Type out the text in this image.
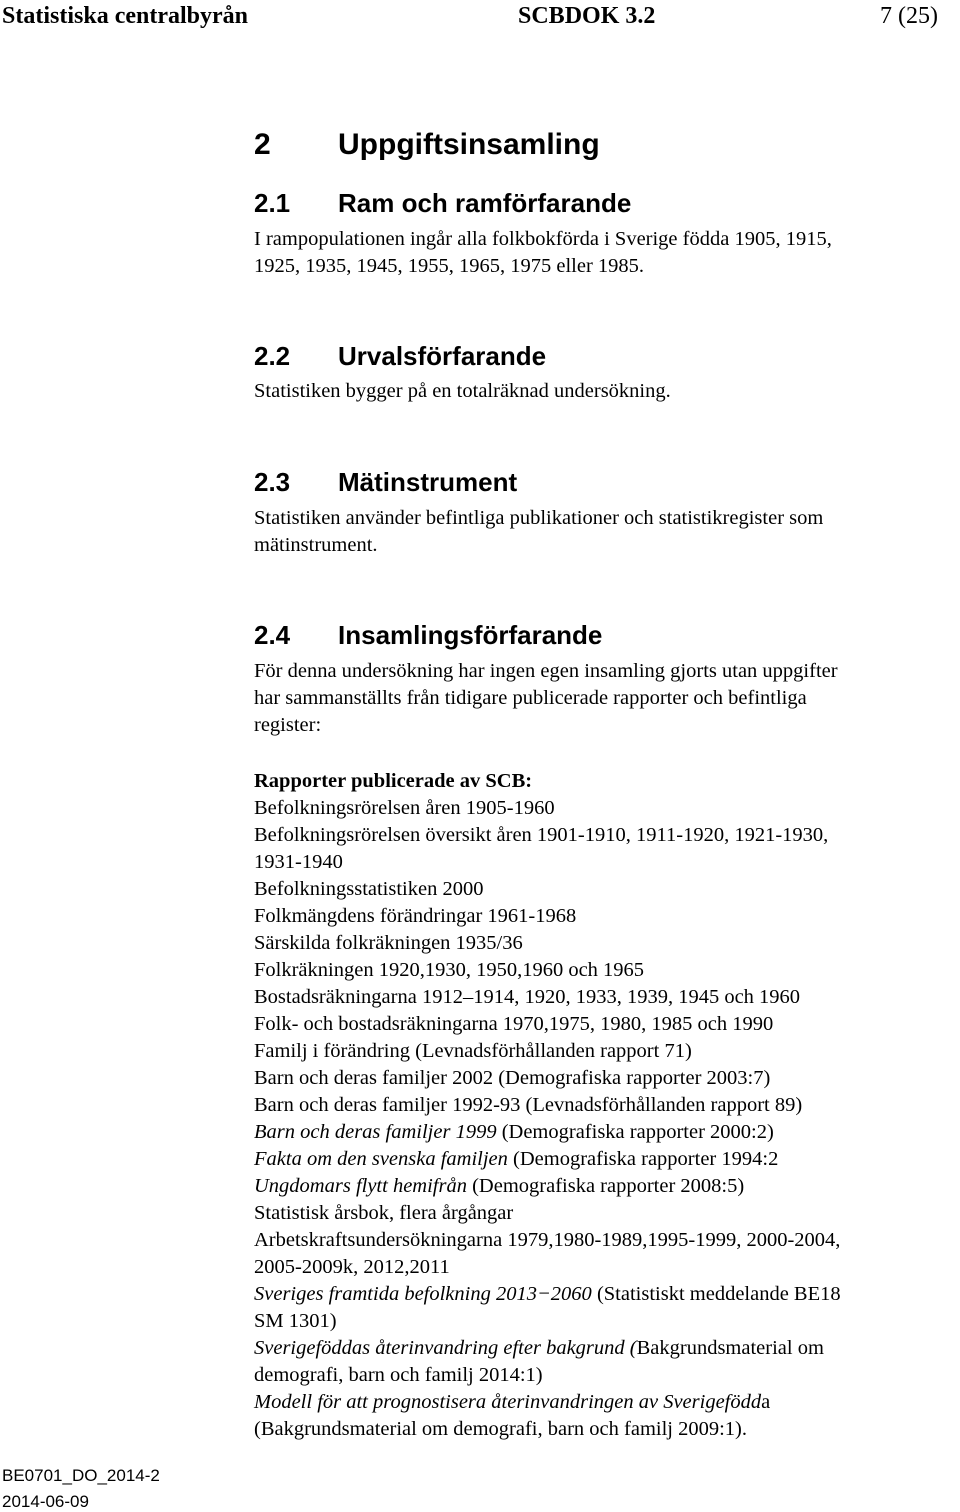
Statistiska centralbyrån	SCBDOK 3.2	7 (25)
2 Uppgiftsinsamling
2.1 Ram och ramförfarande
I rampopulationen ingår alla folkbokförda i Sverige födda 1905, 1915,
1925, 1935, 1945, 1955, 1965, 1975 eller 1985.
2.2 Urvalsförfarande
Statistiken bygger på en totalräknad undersökning.
2.3 Mätinstrument
Statistiken använder befintliga publikationer och statistikregister som
mätinstrument.
2.4 Insamlingsförfarande
För denna undersökning har ingen egen insamling gjorts utan uppgifter
har sammanställts från tidigare publicerade rapporter och befintliga
register:
Rapporter publicerade av SCB:
Befolkningsrörelsen åren 1905-1960
Befolkningsrörelsen översikt åren 1901-1910, 1911-1920, 1921-1930,
1931-1940
Befolkningsstatistiken 2000
Folkmängdens förändringar 1961-1968
Särskilda folkräkningen 1935/36
Folkräkningen 1920,1930, 1950,1960 och 1965
Bostadsräkningarna 1912–1914, 1920, 1933, 1939, 1945 och 1960
Folk- och bostadsräkningarna 1970,1975, 1980, 1985 och 1990
Familj i förändring (Levnadsförhållanden rapport 71)
Barn och deras familjer 2002 (Demografiska rapporter 2003:7)
Barn och deras familjer 1992-93 (Levnadsförhållanden rapport 89)
Barn och deras familjer 1999 (Demografiska rapporter 2000:2)
Fakta om den svenska familjen (Demografiska rapporter 1994:2
Ungdomars flytt hemifrån (Demografiska rapporter 2008:5)
Statistisk årsbok, flera årgångar
Arbetskraftsundersökningarna 1979,1980-1989,1995-1999, 2000-2004,
2005-2009k, 2012,2011
Sveriges framtida befolkning 2013−2060 (Statistiskt meddelande BE18
SM 1301)
Sverigeföddas återinvandring efter bakgrund (Bakgrundsmaterial om
demografi, barn och familj 2014:1)
Modell för att prognostisera återinvandringen av Sverigefödda
(Bakgrundsmaterial om demografi, barn och familj 2009:1).
BE0701_DO_2014-2
2014-06-09
